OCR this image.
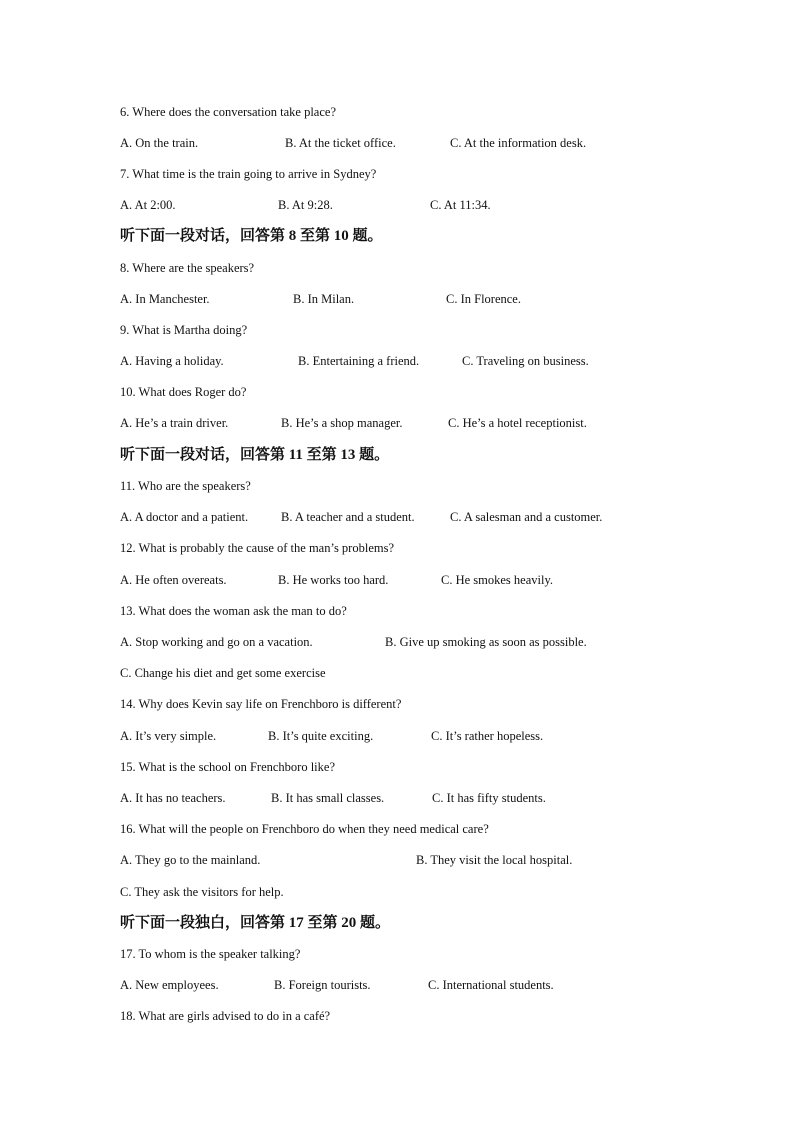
6. Where does the conversation take place?
A. On the train.	B. At the ticket office.	C. At the information desk.
7. What time is the train going to arrive in Sydney?
A. At 2:00.	B. At 9:28.	C. At 11:34.
听下面一段对话，回答第 8 至第 10 题。
8. Where are the speakers?
A. In Manchester.	B. In Milan.	C. In Florence.
9. What is Martha doing?
A. Having a holiday.	B. Entertaining a friend.	C. Traveling on business.
10. What does Roger do?
A. He’s a train driver.	B. He’s a shop manager.	C. He’s a hotel receptionist.
听下面一段对话，回答第 11 至第 13 题。
11. Who are the speakers?
A. A doctor and a patient.	B. A teacher and a student.	C. A salesman and a customer.
12. What is probably the cause of the man’s problems?
A. He often overeats.	B. He works too hard.	C. He smokes heavily.
13. What does the woman ask the man to do?
A. Stop working and go on a vacation.	B. Give up smoking as soon as possible.
C. Change his diet and get some exercise
14. Why does Kevin say life on Frenchboro is different?
A. It’s very simple.	B. It’s quite exciting.	C. It’s rather hopeless.
15. What is the school on Frenchboro like?
A. It has no teachers.	B. It has small classes.	C. It has fifty students.
16. What will the people on Frenchboro do when they need medical care?
A. They go to the mainland.	B. They visit the local hospital.
C. They ask the visitors for help.
听下面一段独白，回答第 17 至第 20 题。
17. To whom is the speaker talking?
A. New employees.	B. Foreign tourists.	C. International students.
18. What are girls advised to do in a café?
